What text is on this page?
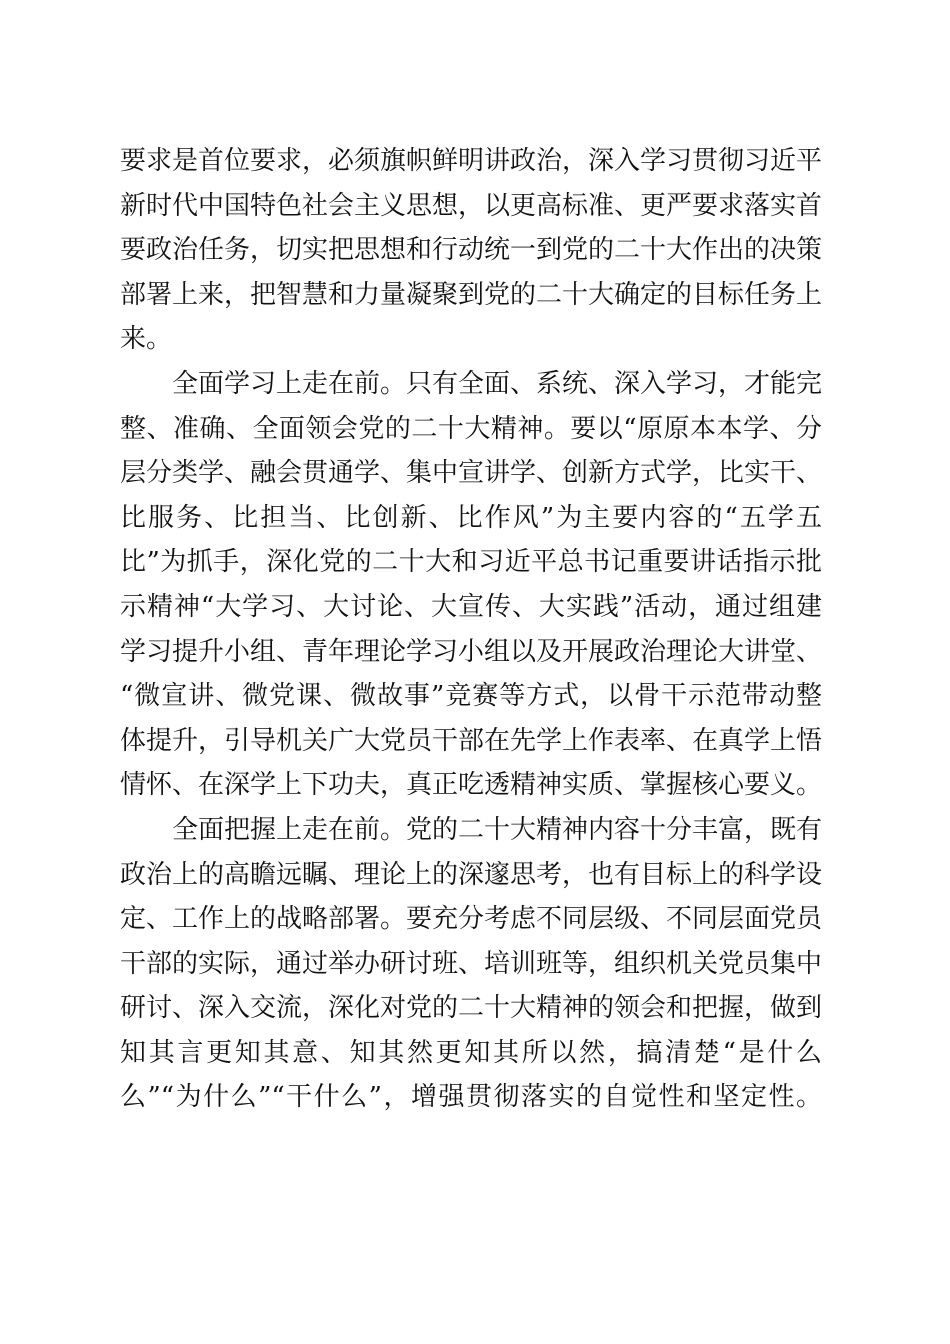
要求是首位要求，必须旗帜鲜明讲政治，深入学习贯彻习近平
新时代中国特色社会主义思想，以更高标准、更严要求落实首
要政治任务，切实把思想和行动统一到党的二十大作出的决策
部署上来，把智慧和力量凝聚到党的二十大确定的目标任务上
来。
全面学习上走在前。只有全面、系统、深入学习，才能完
整、准确、全面领会党的二十大精神。要以“原原本本学、分
层分类学、融会贯通学、集中宣讲学、创新方式学，比实干、
比服务、比担当、比创新、比作风”为主要内容的“五学五
比”为抓手，深化党的二十大和习近平总书记重要讲话指示批
示精神“大学习、大讨论、大宣传、大实践”活动，通过组建
学习提升小组、青年理论学习小组以及开展政治理论大讲堂、
“微宣讲、微党课、微故事”竞赛等方式，以骨干示范带动整
体提升，引导机关广大党员干部在先学上作表率、在真学上悟
情怀、在深学上下功夫，真正吃透精神实质、掌握核心要义。
全面把握上走在前。党的二十大精神内容十分丰富，既有
政治上的高瞻远瞩、理论上的深邃思考，也有目标上的科学设
定、工作上的战略部署。要充分考虑不同层级、不同层面党员
干部的实际，通过举办研讨班、培训班等，组织机关党员集中
研讨、深入交流，深化对党的二十大精神的领会和把握，做到
知其言更知其意、知其然更知其所以然，搞清楚“是什么
么”“为什么”“干什么”，增强贯彻落实的自觉性和坚定性。
